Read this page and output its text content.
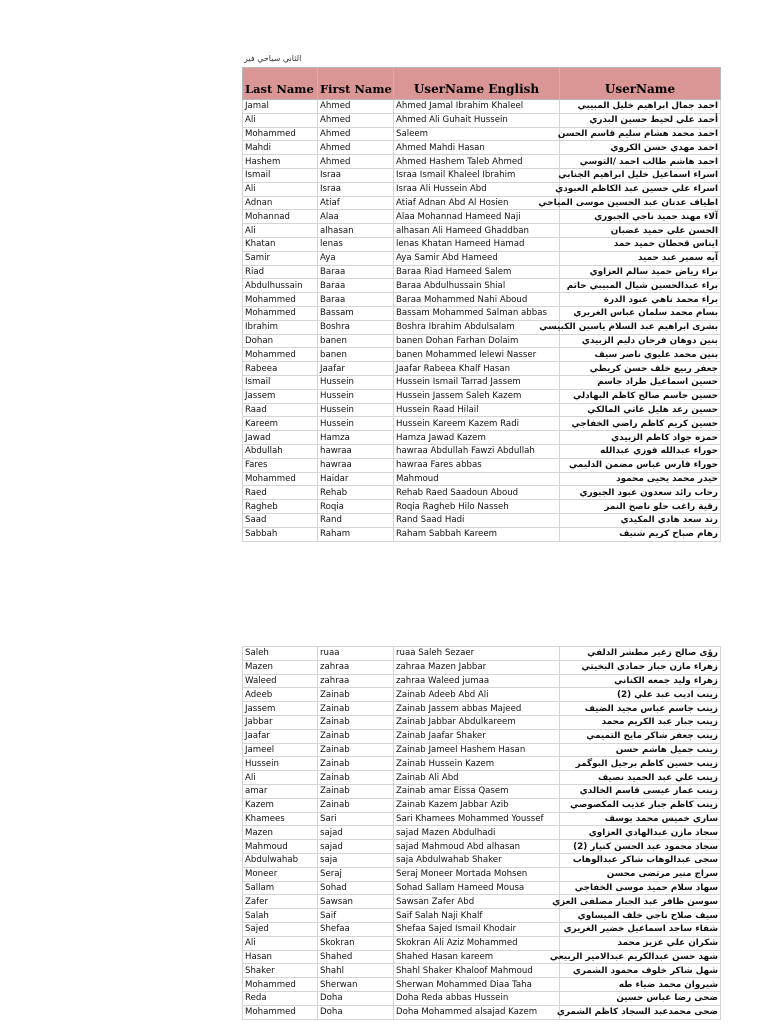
الثاني سياحي فيز
Last Name	First Name	UserName English	UserName
Jamal	Ahmed	Ahmed Jamal Ibrahim Khaleel	احمد جمال ابراهيم خليل المبيبي
Ali	Ahmed	Ahmed Ali Guhait Hussein	أحمد علي لحيط حسين البدري
Mohammed	Ahmed	Saleem	احمد محمد هشام سليم قاسم الحسن
Mahdi	Ahmed	Ahmed Mahdi Hasan	احمد مهدي حسن الكروي
Hashem	Ahmed	Ahmed Hashem Taleb Ahmed	احمد هاشم طالب احمد /التوسي
Ismail	Israa	Israa Ismail Khaleel Ibrahim	اسراء اسماعيل خليل ابراهيم الجنابي
Ali	Israa	Israa Ali Hussein Abd	اسراء علي حسين عبد الكاظم العبودي
Adnan	Atiaf	Atiaf Adnan Abd Al Hosien	اطياف عدنان عبد الحسين موسى المياحي
Mohannad	Alaa	Alaa Mohannad Hameed Naji	آلاء مهند حميد ناجي الجبوري
Ali	alhasan	alhasan Ali Hameed Ghaddban	الحسن علي حميد غضبان
Khatan	lenas	lenas Khatan Hameed Hamad	ايناس قحطان حميد حمد
Samir	Aya	Aya Samir Abd Hameed	آيه سمير عبد حميد
Riad	Baraa	Baraa Riad Hameed Salem	براء رياض حميد سالم العزاوي
Abdulhussain	Baraa	Baraa Abdulhussain Shial	براء عبدالحسين شيال المبيبي حاتم
Mohammed	Baraa	Baraa Mohammed Nahi Aboud	براء محمد ناهي عبود الدرة
Mohammed	Bassam	Bassam Mohammed Salman abbas	بسام محمد سلمان عباس الغريري
Ibrahim	Boshra	Boshra Ibrahim Abdulsalam	بشرى ابراهيم عبد السلام ياسين الكبيسي
Dohan	banen	banen Dohan Farhan Dolaim	بنين دوهان فرحان دليم الزبيدي
Mohammed	banen	banen Mohammed lelewi Nasser	بنين محمد عليوي ناصر سيف
Rabeea	Jaafar	Jaafar Rabeea Khalf Hasan	جعفر ربيع خلف حسن كريطي
Ismail	Hussein	Hussein Ismail Tarrad Jassem	حسين اسماعيل طراد جاسم
Jassem	Hussein	Hussein Jassem Saleh Kazem	حسين جاسم صالح كاظم البهادلي
Raad	Hussein	Hussein Raad Hilail	حسين رعد هليل عاتي المالكي
Kareem	Hussein	Hussein Kareem Kazem Radi	حسين كريم كاظم راضي الخفاجي
Jawad	Hamza	Hamza Jawad Kazem	حمزه جواد كاظم الزبيدي
Abdullah	hawraa	hawraa Abdullah Fawzi Abdullah	حوراء عبدالله فوزي عبدالله
Fares	hawraa	hawraa Fares abbas	حوراء فارس عباس مضمن الدليمي
Mohammed	Haidar	Mahmoud	حيدر محمد يحيى محمود
Raed	Rehab	Rehab Raed Saadoun Aboud	رحاب رائد سعدون عبود الجبوري
Ragheb	Roqia	Roqia Ragheb Hilo Nasseh	رقية راغب حلو ناصح النمر
Saad	Rand	Rand Saad Hadi	رند سعد هادي المكيدي
Sabbah	Raham	Raham Sabbah Kareem	رهام صباح كريم شنيف
Saleh	ruaa	ruaa Saleh Sezaer	رؤى صالح زغير مطشر الدلفي
Mazen	zahraa	zahraa Mazen Jabbar	زهراء مازن جبار حمادي البخيتي
Waleed	zahraa	zahraa Waleed jumaa	زهراء وليد جمعه الكناني
Adeeb	Zainab	Zainab Adeeb Abd Ali	زينب اديب عبد علي (2)
Jassem	Zainab	Zainab Jassem abbas Majeed	زينب جاسم عباس مجيد الضيف
Jabbar	Zainab	Zainab Jabbar Abdulkareem	زينب جبار عبد الكريم محمد
Jaafar	Zainab	Zainab Jaafar Shaker	زينب جعفر شاكر مايح التميمي
Jameel	Zainab	Zainab Jameel Hashem Hasan	زينب جميل هاشم حسن
Hussein	Zainab	Zainab Hussein Kazem	زينب حسين كاظم برجيل البوگمر
Ali	Zainab	Zainab Ali Abd	زينب علي عبد الحميد نصيف
amar	Zainab	Zainab amar Eissa Qasem	زينب عمار عيسى قاسم الخالدي
Kazem	Zainab	Zainab Kazem Jabbar Azib	زينب كاظم جبار عذيب المكصوصي
Khamees	Sari	Sari Khamees Mohammed Youssef	ساري خميس محمد يوسف
Mazen	sajad	sajad Mazen Abdulhadi	سجاد مازن عبدالهادي العزاوي
Mahmoud	sajad	sajad Mahmoud Abd alhasan	سجاد محمود عبد الحسن كنيار (2)
Abdulwahab	saja	saja Abdulwahab Shaker	سجى عبدالوهاب شاكر عبدالوهاب
Moneer	Seraj	Seraj Moneer Mortada Mohsen	سراج منير مرتضى محسن
Sallam	Sohad	Sohad Sallam Hameed Mousa	سهاد سلام حميد موسى الخفاجي
Zafer	Sawsan	Sawsan Zafer Abd	سوسن ظافر عبد الجبار مصلفى العزي
Salah	Saif	Saif Salah Naji Khalf	سيف صلاح ناجي خلف الميساوي
Sajed	Shefaa	Shefaa Sajed Ismail Khodair	شفاء ساجد اسماعيل خضير الغريري
Ali	Skokran	Skokran Ali Aziz Mohammed	شكران علي عزيز محمد
Hasan	Shahed	Shahed Hasan kareem	شهد حسن عبدالكريم عبدالامير الربيعي
Shaker	Shahl	Shahl Shaker Khaloof Mahmoud	شهل شاكر خلوف محمود الشمري
Mohammed	Sherwan	Sherwan Mohammed Diaa Taha	شيروان محمد ضياء طه
Reda	Doha	Doha Reda abbas Hussein	ضحى رضا عباس حسين
Mohammed	Doha	Doha Mohammed alsajad Kazem	ضحى محمدعبد السجاد كاظم الشمري
